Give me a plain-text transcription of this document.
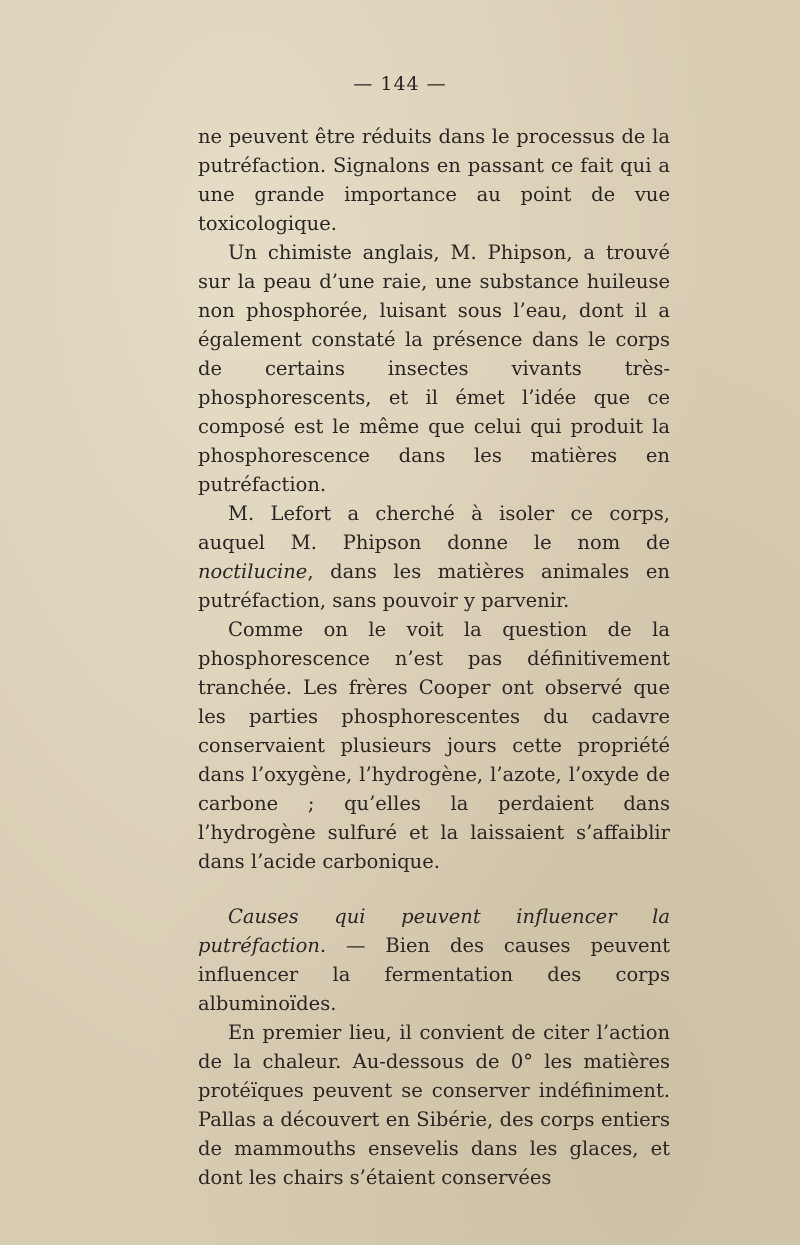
— 144 —

ne peuvent être réduits dans le processus de la putréfaction. Signalons en passant ce fait qui a une grande importance au point de vue toxicologique.

Un chimiste anglais, M. Phipson, a trouvé sur la peau d’une raie, une substance huileuse non phosphorée, luisant sous l’eau, dont il a également constaté la présence dans le corps de certains insectes vivants très-phosphorescents, et il émet l’idée que ce composé est le même que celui qui produit la phosphorescence dans les matières en putréfaction.

M. Lefort a cherché à isoler ce corps, auquel M. Phipson donne le nom de noctilucine, dans les matières animales en putréfaction, sans pouvoir y parvenir.

Comme on le voit la question de la phosphorescence n’est pas définitivement tranchée. Les frères Cooper ont observé que les parties phosphorescentes du cadavre conservaient plusieurs jours cette propriété dans l’oxygène, l’hydrogène, l’azote, l’oxyde de carbone ; qu’elles la perdaient dans l’hydrogène sulfuré et la laissaient s’affaiblir dans l’acide carbonique.

Causes qui peuvent influencer la putréfaction. — Bien des causes peuvent influencer la fermentation des corps albuminoïdes.

En premier lieu, il convient de citer l’action de la chaleur. Au-dessous de 0° les matières protéïques peuvent se conserver indéfiniment. Pallas a découvert en Sibérie, des corps entiers de mammouths ensevelis dans les glaces, et dont les chairs s’étaient conservées
